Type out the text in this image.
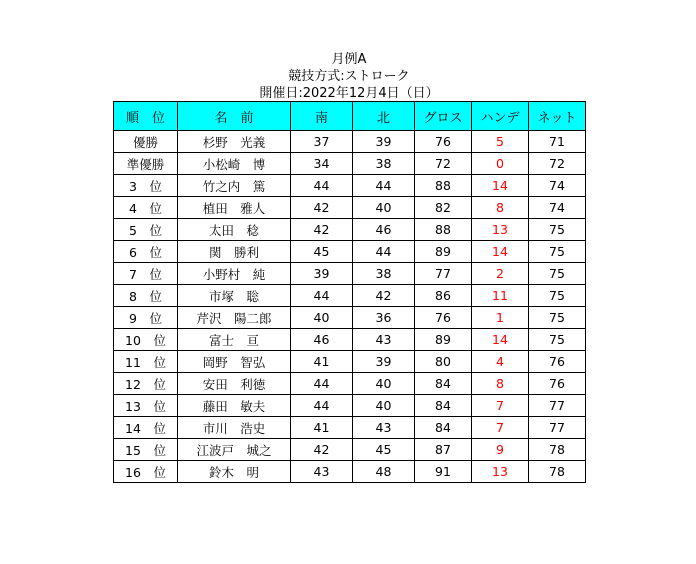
月例A
競技方式:ストローク
開催日:2022年12月4日（日）
順　位	名　前	南	北	グロス	ハンデ	ネット
優勝	杉野　光義	37	39	76	5	71
準優勝	小松崎　博	34	38	72	0	72
3　位	竹之内　篤	44	44	88	14	74
4　位	植田　雅人	42	40	82	8	74
5　位	太田　稔	42	46	88	13	75
6　位	関　勝利	45	44	89	14	75
7　位	小野村　純	39	38	77	2	75
8　位	市塚　聡	44	42	86	11	75
9　位	芹沢　陽二郎	40	36	76	1	75
10　位	富士　亘	46	43	89	14	75
11　位	岡野　智弘	41	39	80	4	76
12　位	安田　利徳	44	40	84	8	76
13　位	藤田　敏夫	44	40	84	7	77
14　位	市川　浩史	41	43	84	7	77
15　位	江波戸　城之	42	45	87	9	78
16　位	鈴木　明	43	48	91	13	78
